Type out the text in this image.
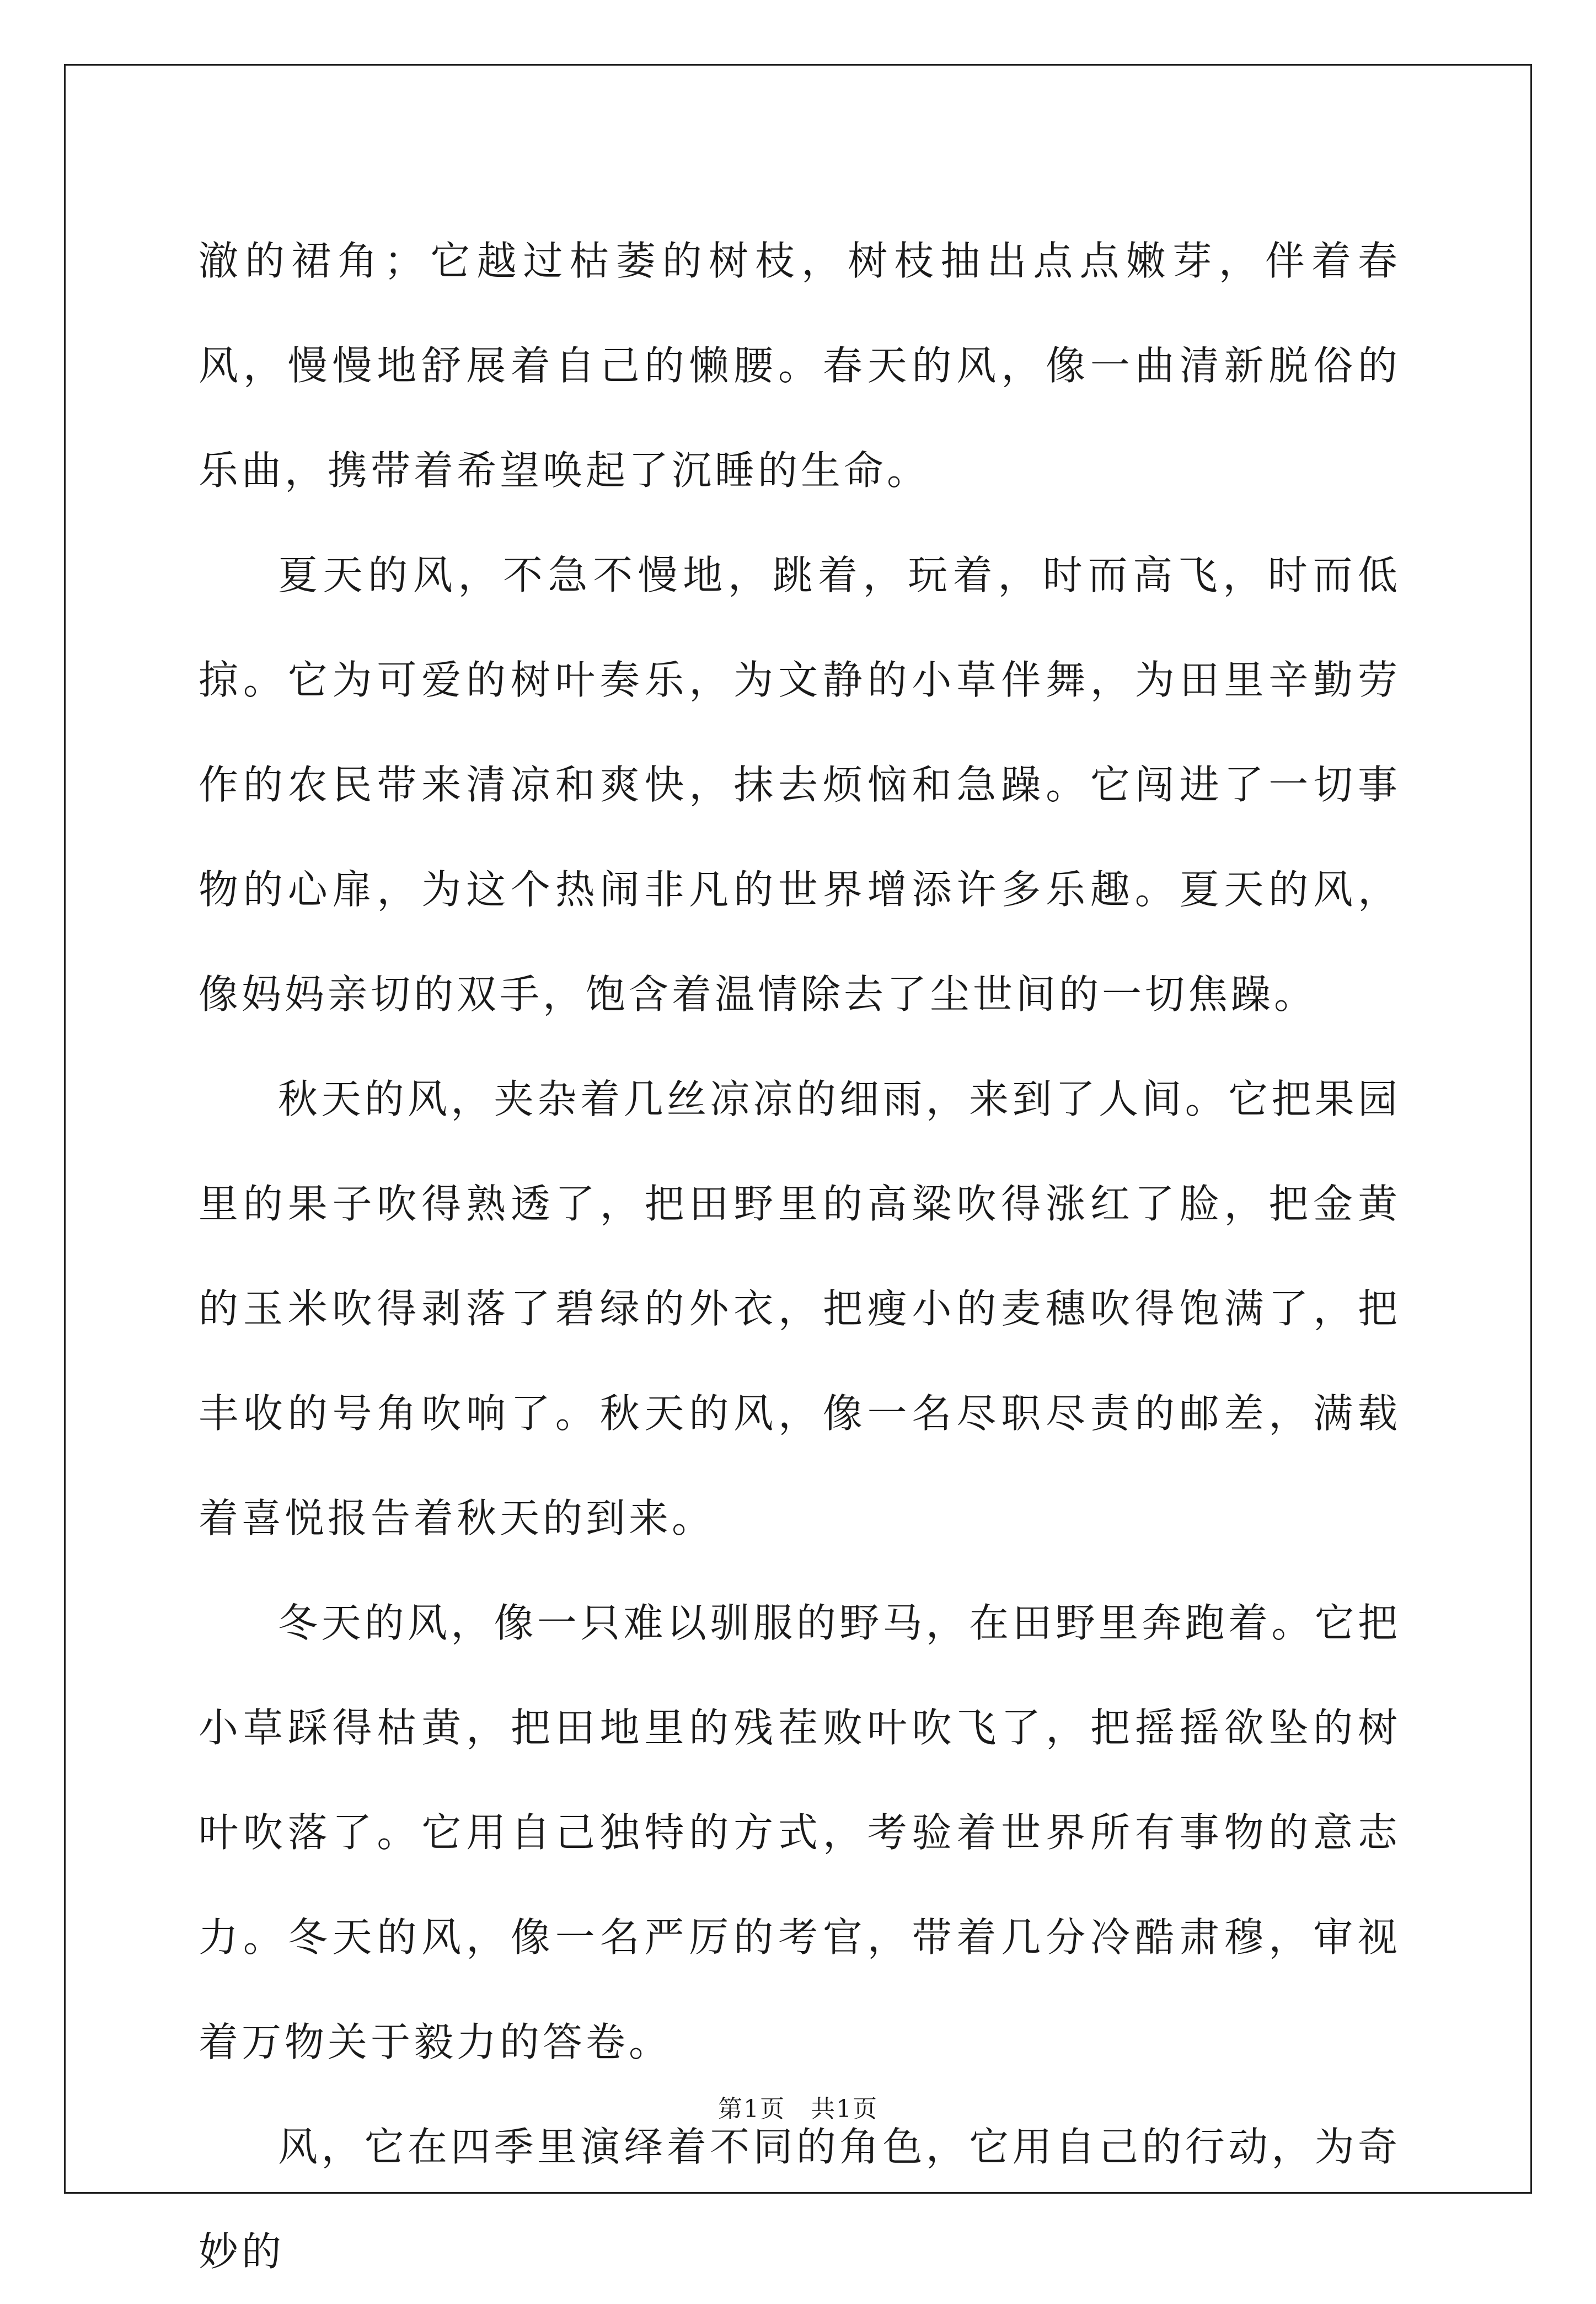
澈的裙角；它越过枯萎的树枝，树枝抽出点点嫩芽，伴着春风，慢慢地舒展着自己的懒腰。春天的风，像一曲清新脱俗的乐曲，携带着希望唤起了沉睡的生命。

夏天的风，不急不慢地，跳着，玩着，时而高飞，时而低掠。它为可爱的树叶奏乐，为文静的小草伴舞，为田里辛勤劳作的农民带来清凉和爽快，抹去烦恼和急躁。它闯进了一切事物的心扉，为这个热闹非凡的世界增添许多乐趣。夏天的风，像妈妈亲切的双手，饱含着温情除去了尘世间的一切焦躁。

秋天的风，夹杂着几丝凉凉的细雨，来到了人间。它把果园里的果子吹得熟透了，把田野里的高粱吹得涨红了脸，把金黄的玉米吹得剥落了碧绿的外衣，把瘦小的麦穗吹得饱满了，把丰收的号角吹响了。秋天的风，像一名尽职尽责的邮差，满载着喜悦报告着秋天的到来。

冬天的风，像一只难以驯服的野马，在田野里奔跑着。它把小草踩得枯黄，把田地里的残茬败叶吹飞了，把摇摇欲坠的树叶吹落了。它用自己独特的方式，考验着世界所有事物的意志力。冬天的风，像一名严厉的考官，带着几分冷酷肃穆，审视着万物关于毅力的答卷。

风，它在四季里演绎着不同的角色，它用自己的行动，为奇妙的

第1页　共1页
